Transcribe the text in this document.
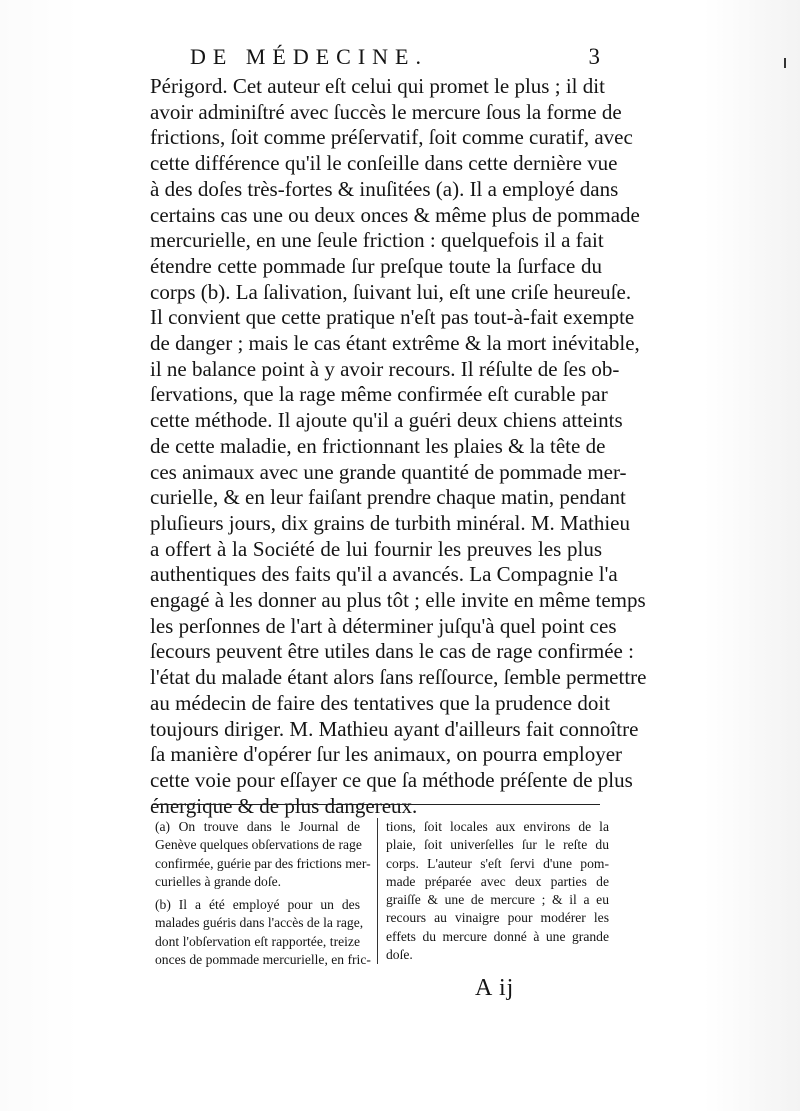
DE MÉDECINE.	3
Périgord. Cet auteur eſt celui qui promet le plus ; il dit
avoir adminiſtré avec ſuccès le mercure ſous la forme de
frictions, ſoit comme préſervatif, ſoit comme curatif, avec
cette différence qu'il le conſeille dans cette dernière vue
à des doſes très-fortes & inuſitées (a). Il a employé dans
certains cas une ou deux onces & même plus de pommade
mercurielle, en une ſeule friction : quelquefois il a fait
étendre cette pommade ſur preſque toute la ſurface du
corps (b). La ſalivation, ſuivant lui, eſt une criſe heureuſe.
Il convient que cette pratique n'eſt pas tout-à-fait exempte
de danger ; mais le cas étant extrême & la mort inévitable,
il ne balance point à y avoir recours. Il réſulte de ſes ob-
ſervations, que la rage même confirmée eſt curable par
cette méthode. Il ajoute qu'il a guéri deux chiens atteints
de cette maladie, en frictionnant les plaies & la tête de
ces animaux avec une grande quantité de pommade mer-
curielle, & en leur faiſant prendre chaque matin, pendant
pluſieurs jours, dix grains de turbith minéral. M. Mathieu
a offert à la Société de lui fournir les preuves les plus
authentiques des faits qu'il a avancés. La Compagnie l'a
engagé à les donner au plus tôt ; elle invite en même temps
les perſonnes de l'art à déterminer juſqu'à quel point ces
ſecours peuvent être utiles dans le cas de rage confirmée :
l'état du malade étant alors ſans reſſource, ſemble permettre
au médecin de faire des tentatives que la prudence doit
toujours diriger. M. Mathieu ayant d'ailleurs fait connoître
ſa manière d'opérer ſur les animaux, on pourra employer
cette voie pour eſſayer ce que ſa méthode préſente de plus
énergique & de plus dangereux.
(a) On trouve dans le Journal de
Genève quelques obſervations de rage
confirmée, guérie par des frictions mer-
curielles à grande doſe.
(b) Il a été employé pour un des
malades guéris dans l'accès de la rage,
dont l'obſervation eſt rapportée, treize
onces de pommade mercurielle, en fric-
tions, ſoit locales aux environs de la
plaie, ſoit univerſelles ſur le reſte du
corps. L'auteur s'eſt ſervi d'une pom-
made préparée avec deux parties de
graiſſe & une de mercure ; & il a eu
recours au vinaigre pour modérer les
effets du mercure donné à une grande
doſe.
A ij
